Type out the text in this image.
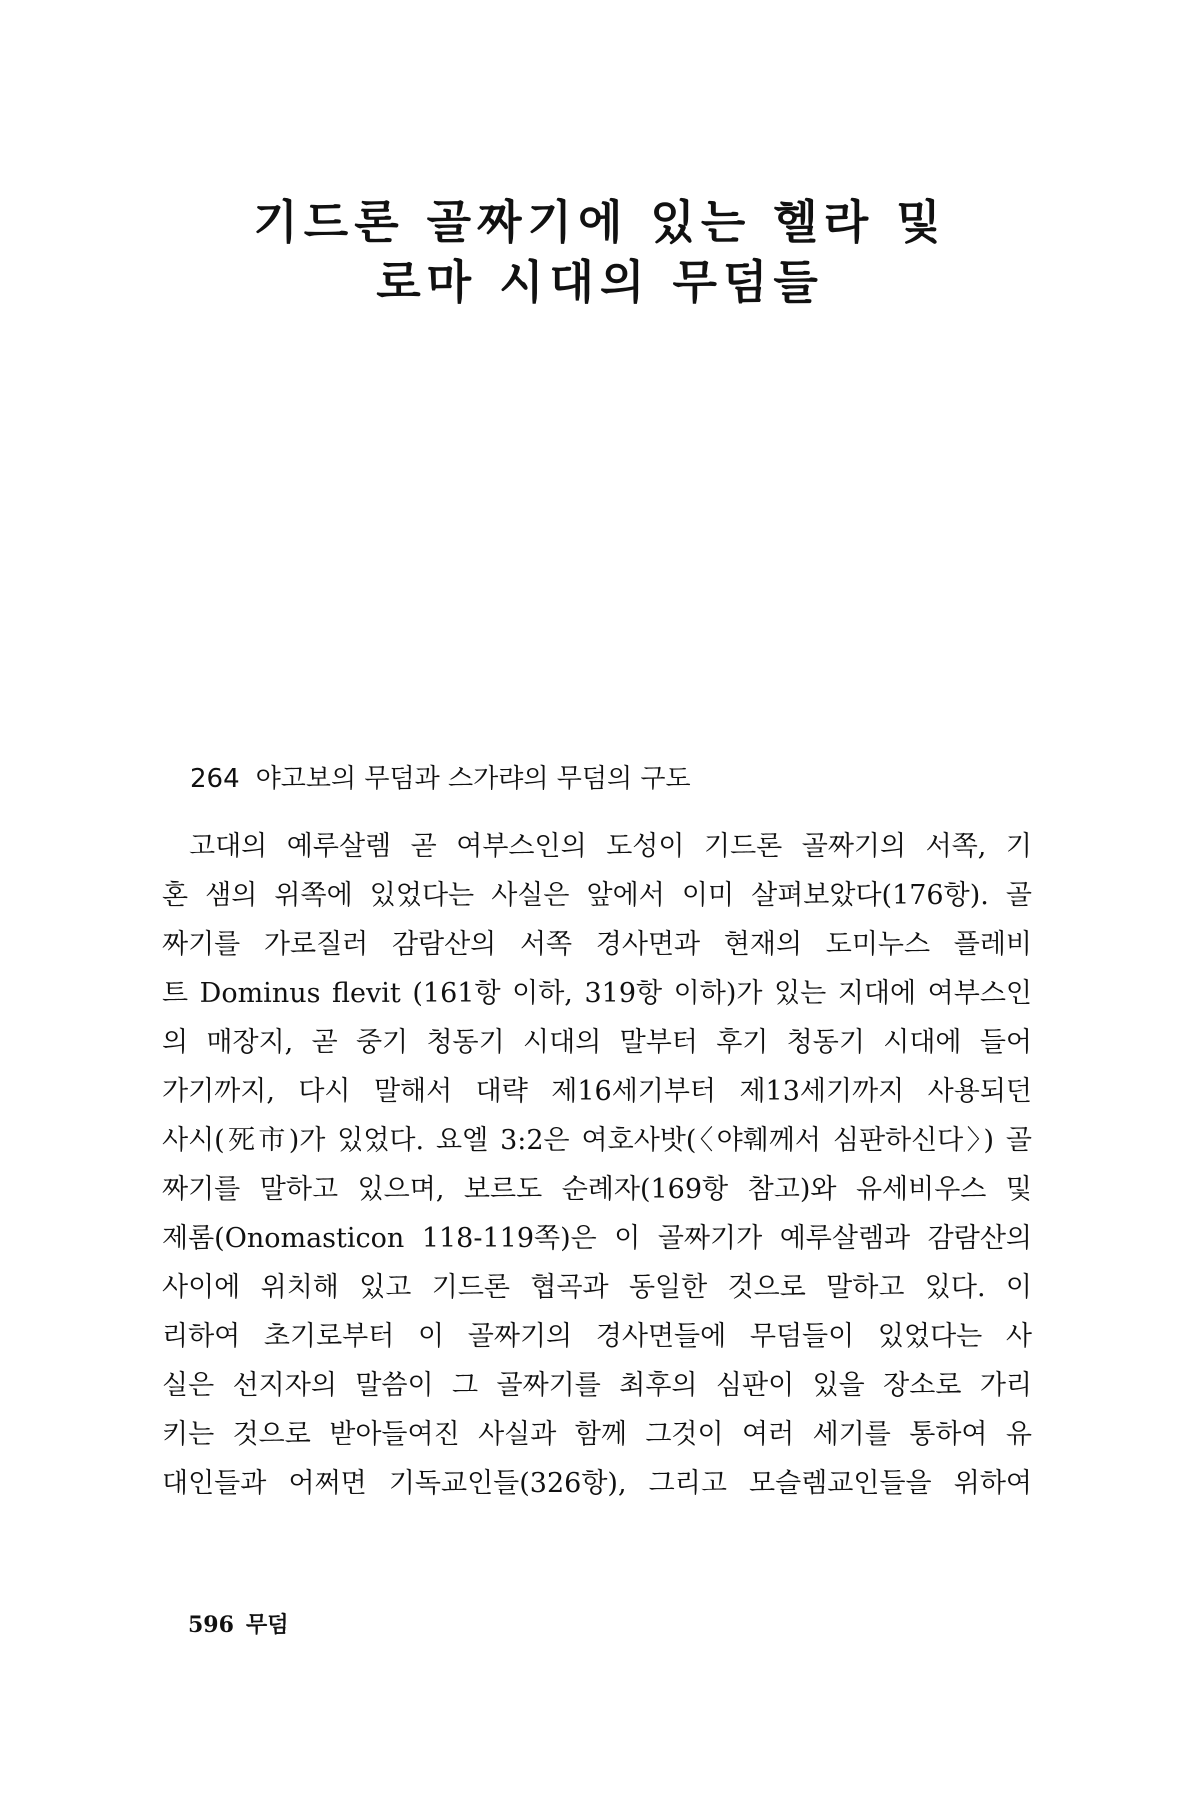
기드론 골짜기에 있는 헬라 및
로마 시대의 무덤들
264 야고보의 무덤과 스가랴의 무덤의 구도
고대의 예루살렘 곧 여부스인의 도성이 기드론 골짜기의 서쪽, 기
혼 샘의 위쪽에 있었다는 사실은 앞에서 이미 살펴보았다(176항). 골
짜기를 가로질러 감람산의 서쪽 경사면과 현재의 도미누스 플레비
트 Dominus flevit (161항 이하, 319항 이하)가 있는 지대에 여부스인
의 매장지, 곧 중기 청동기 시대의 말부터 후기 청동기 시대에 들어
가기까지, 다시 말해서 대략 제16세기부터 제13세기까지 사용되던
사시(死市)가 있었다. 요엘 3:2은 여호사밧(〈야훼께서 심판하신다〉) 골
짜기를 말하고 있으며, 보르도 순례자(169항 참고)와 유세비우스 및
제롬(Onomasticon 118-119쪽)은 이 골짜기가 예루살렘과 감람산의
사이에 위치해 있고 기드론 협곡과 동일한 것으로 말하고 있다. 이
리하여 초기로부터 이 골짜기의 경사면들에 무덤들이 있었다는 사
실은 선지자의 말씀이 그 골짜기를 최후의 심판이 있을 장소로 가리
키는 것으로 받아들여진 사실과 함께 그것이 여러 세기를 통하여 유
대인들과 어쩌면 기독교인들(326항), 그리고 모슬렘교인들을 위하여
596 무덤
